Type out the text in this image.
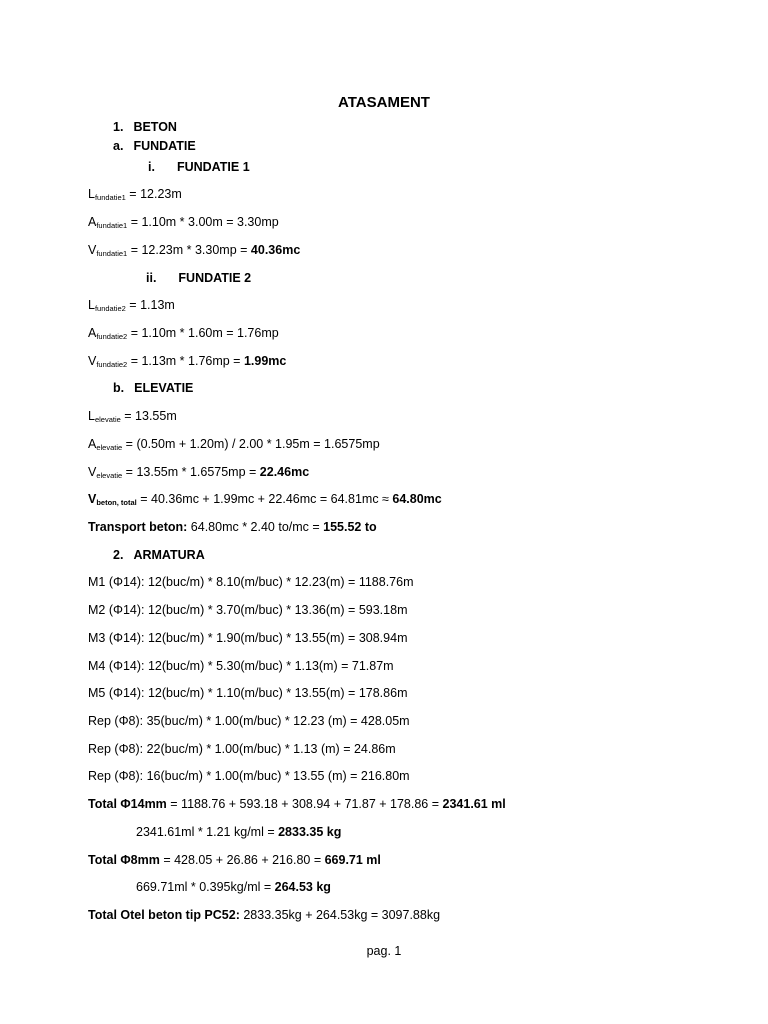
ATASAMENT
1. BETON
a. FUNDATIE
i. FUNDATIE 1
$L_{fundatie1} = 12.23m$
$A_{fundatie1} = 1.10m * 3.00m = 3.30mp$
$V_{fundatie1} = 12.23m * 3.30mp = 40.36mc$
ii. FUNDATIE 2
$L_{fundatie2} = 1.13m$
$A_{fundatie2} = 1.10m * 1.60m = 1.76mp$
$V_{fundatie2} = 1.13m * 1.76mp = 1.99mc$
b. ELEVATIE
$L_{elevatie} = 13.55m$
$A_{elevatie} = (0.50m + 1.20m) / 2.00 * 1.95m = 1.6575mp$
$V_{elevatie} = 13.55m * 1.6575mp = 22.46mc$
$V_{beton, total} = 40.36mc + 1.99mc + 22.46mc = 64.81mc \approx 64.80mc$
Transport beton: 64.80mc * 2.40 to/mc = 155.52 to
2. ARMATURA
M1 (Φ14): 12(buc/m) * 8.10(m/buc) * 12.23(m) = 1188.76m
M2 (Φ14): 12(buc/m) * 3.70(m/buc) * 13.36(m) = 593.18m
M3 (Φ14): 12(buc/m) * 1.90(m/buc) * 13.55(m) = 308.94m
M4 (Φ14): 12(buc/m) * 5.30(m/buc) * 1.13(m) = 71.87m
M5 (Φ14): 12(buc/m) * 1.10(m/buc) * 13.55(m) = 178.86m
Rep (Φ8): 35(buc/m) * 1.00(m/buc) * 12.23 (m) = 428.05m
Rep (Φ8): 22(buc/m) * 1.00(m/buc) * 1.13 (m) = 24.86m
Rep (Φ8): 16(buc/m) * 1.00(m/buc) * 13.55 (m) = 216.80m
Total Φ14mm = 1188.76 + 593.18 + 308.94 + 71.87 + 178.86 = 2341.61 ml
2341.61ml * 1.21 kg/ml = 2833.35 kg
Total Φ8mm = 428.05 + 26.86 + 216.80 = 669.71 ml
669.71ml * 0.395kg/ml = 264.53 kg
Total Otel beton tip PC52: 2833.35kg + 264.53kg = 3097.88kg
pag. 1
